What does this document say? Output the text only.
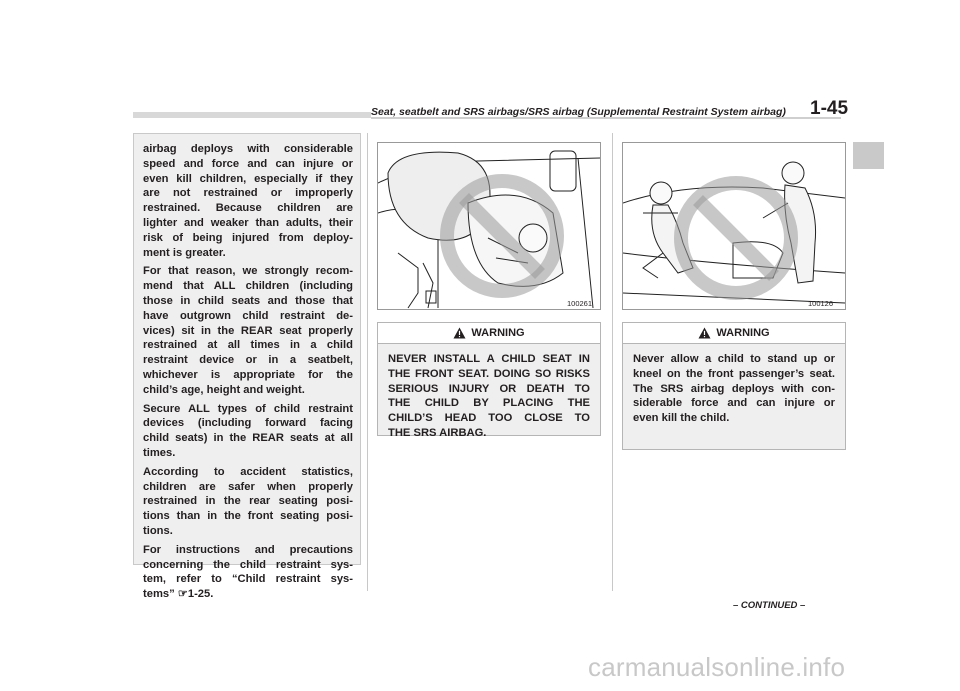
Seat, seatbelt and SRS airbags/SRS airbag (Supplemental Restraint System airbag)	1-45

airbag deploys with considerable
speed and force and can injure or
even kill children, especially if they
are not restrained or improperly
restrained. Because children are
lighter and weaker than adults, their
risk of being injured from deploy-
ment is greater.

For that reason, we strongly recom-
mend that ALL children (including
those in child seats and those that
have outgrown child restraint de-
vices) sit in the REAR seat properly
restrained at all times in a child
restraint device or in a seatbelt,
whichever is appropriate for the
child’s age, height and weight.

Secure ALL types of child restraint
devices (including forward facing
child seats) in the REAR seats at all
times.

According to accident statistics,
children are safer when properly
restrained in the rear seating posi-
tions than in the front seating posi-
tions.

For instructions and precautions
concerning the child restraint sys-
tem, refer to “Child restraint sys-
tems” ☞1-25.

100261	100126
WARNING
NEVER INSTALL A CHILD SEAT IN
THE FRONT SEAT. DOING SO RISKS
SERIOUS INJURY OR DEATH TO
THE CHILD BY PLACING THE
CHILD’S HEAD TOO CLOSE TO
THE SRS AIRBAG.
WARNING
Never allow a child to stand up or
kneel on the front passenger’s seat.
The SRS airbag deploys with con-
siderable force and can injure or
even kill the child.
– CONTINUED –
carmanualsonline.info
